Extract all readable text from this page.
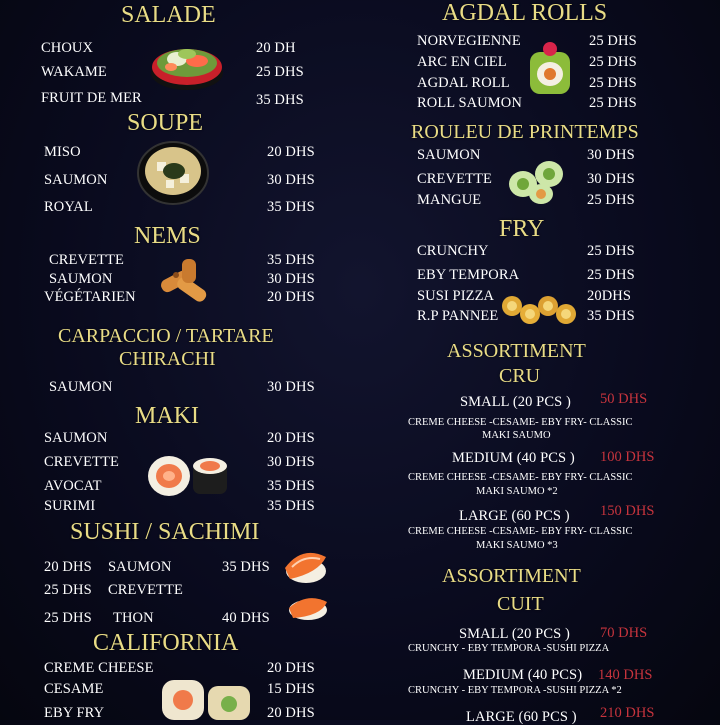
SALADE
CHOUX	20 DH
WAKAME	25 DHS
FRUIT DE MER	35 DHS
SOUPE
MISO	20 DHS
SAUMON	30 DHS
ROYAL	35 DHS
NEMS
CREVETTE	35 DHS
SAUMON	30 DHS
VÉGÉTARIEN	20 DHS
CARPACCIO / TARTARE
CHIRACHI
SAUMON	30 DHS
MAKI
SAUMON	20 DHS
CREVETTE	30 DHS
AVOCAT	35 DHS
SURIMI	35 DHS
SUSHI / SACHIMI
20 DHS SAUMON	35 DHS
25 DHS CREVETTE
25 DHS THON	40 DHS
CALIFORNIA
CREME CHEESE	20 DHS
CESAME	15 DHS
EBY FRY	20 DHS
AGDAL ROLLS
NORVEGIENNE	25 DHS
ARC EN CIEL	25 DHS
AGDAL ROLL	25 DHS
ROLL SAUMON	25 DHS
ROULEU DE PRINTEMPS
SAUMON	30 DHS
CREVETTE	30 DHS
MANGUE	25 DHS
FRY
CRUNCHY	25 DHS
EBY TEMPORA	25 DHS
SUSI PIZZA	20DHS
R.P PANNEE	35 DHS
ASSORTIMENT
CRU
SMALL (20 PCS ) 50 DHS
CREME CHEESE -CESAME- EBY FRY- CLASSIC
MAKI SAUMO
MEDIUM (40 PCS ) 100 DHS
CREME CHEESE -CESAME- EBY FRY- CLASSIC
MAKI SAUMO *2
LARGE (60 PCS ) 150 DHS
CREME CHEESE -CESAME- EBY FRY- CLASSIC
MAKI SAUMO *3
ASSORTIMENT
CUIT
SMALL (20 PCS ) 70 DHS
CRUNCHY - EBY TEMPORA -SUSHI PIZZA
MEDIUM (40 PCS) 140 DHS
CRUNCHY - EBY TEMPORA -SUSHI PIZZA *2
LARGE (60 PCS ) 210 DHS
